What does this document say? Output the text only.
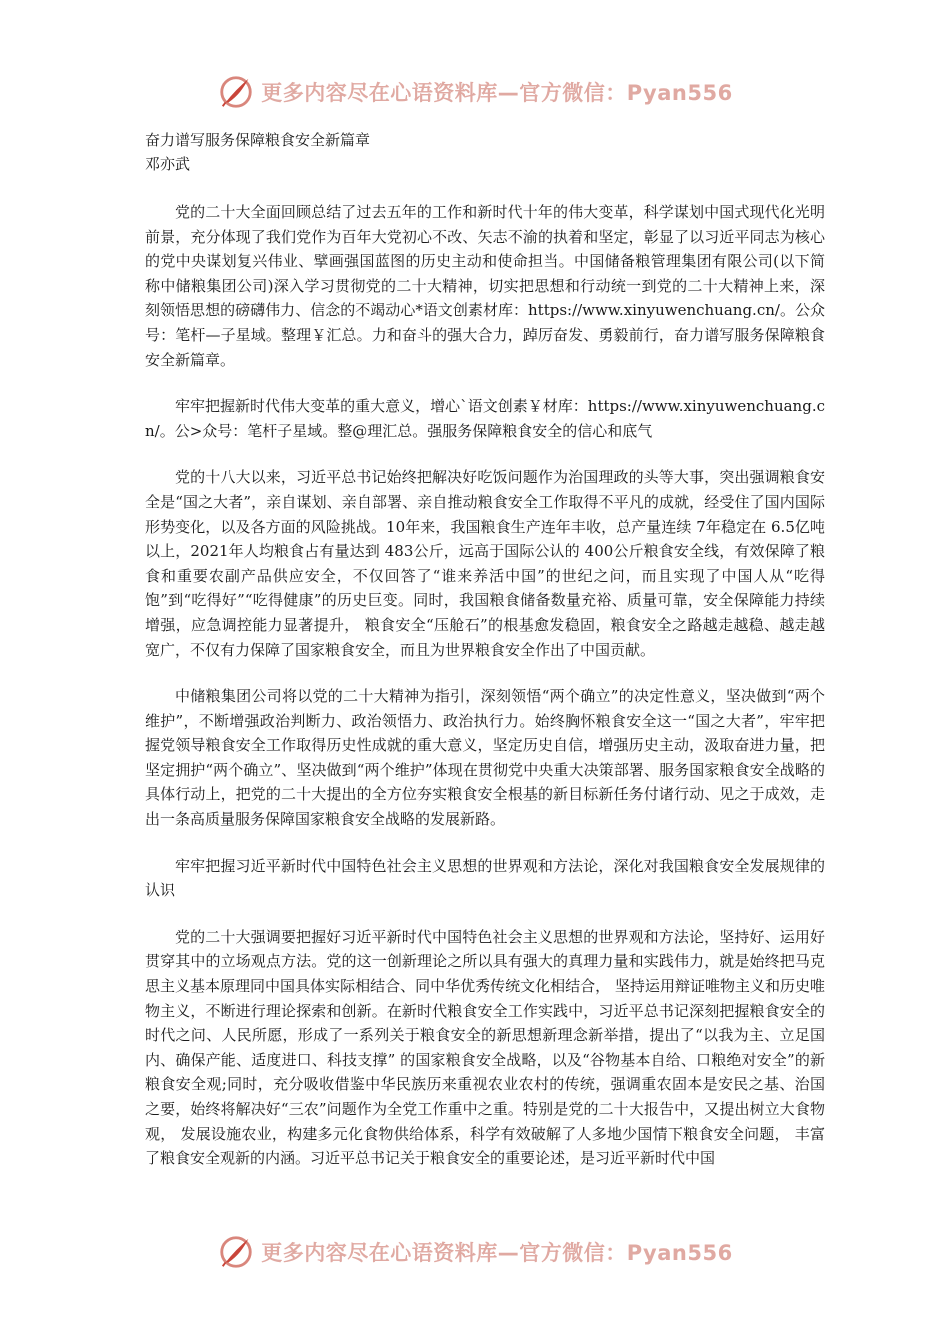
更多内容尽在心语资料库—官方微信：Pyan556

奋力谱写服务保障粮食安全新篇章

邓亦武

党的二十大全面回顾总结了过去五年的工作和新时代十年的伟大变革，科学谋划中国式现代化光明前景，充分体现了我们党作为百年大党初心不改、矢志不渝的执着和坚定，彰显了以习近平同志为核心的党中央谋划复兴伟业、擘画强国蓝图的历史主动和使命担当。中国储备粮管理集团有限公司(以下简称中储粮集团公司)深入学习贯彻党的二十大精神，切实把思想和行动统一到党的二十大精神上来，深刻领悟思想的磅礴伟力、信念的不竭动心*语文创素材库：https://www.xinyuwenchuang.cn/。公众号：笔杆—子星域。整理￥汇总。力和奋斗的强大合力，踔厉奋发、勇毅前行，奋力谱写服务保障粮食安全新篇章。

牢牢把握新时代伟大变革的重大意义，增心`语文创素￥材库：https://www.xinyuwenchuang.cn/。公>众号：笔杆子星域。整@理汇总。强服务保障粮食安全的信心和底气

党的十八大以来，习近平总书记始终把解决好吃饭问题作为治国理政的头等大事，突出强调粮食安全是“国之大者”，亲自谋划、亲自部署、亲自推动粮食安全工作取得不平凡的成就，经受住了国内国际形势变化，以及各方面的风险挑战。10年来，我国粮食生产连年丰收，总产量连续 7年稳定在 6.5亿吨以上，2021年人均粮食占有量达到 483公斤，远高于国际公认的 400公斤粮食安全线，有效保障了粮食和重要农副产品供应安全，不仅回答了“谁来养活中国”的世纪之问，而且实现了中国人从“吃得饱”到“吃得好”“吃得健康”的历史巨变。同时，我国粮食储备数量充裕、质量可靠，安全保障能力持续增强，应急调控能力显著提升， 粮食安全“压舱石”的根基愈发稳固，粮食安全之路越走越稳、越走越宽广，不仅有力保障了国家粮食安全，而且为世界粮食安全作出了中国贡献。

中储粮集团公司将以党的二十大精神为指引，深刻领悟“两个确立”的决定性意义，坚决做到“两个维护”，不断增强政治判断力、政治领悟力、政治执行力。始终胸怀粮食安全这一“国之大者”，牢牢把握党领导粮食安全工作取得历史性成就的重大意义，坚定历史自信，增强历史主动，汲取奋进力量，把坚定拥护“两个确立”、坚决做到“两个维护”体现在贯彻党中央重大决策部署、服务国家粮食安全战略的具体行动上，把党的二十大提出的全方位夯实粮食安全根基的新目标新任务付诸行动、见之于成效，走出一条高质量服务保障国家粮食安全战略的发展新路。

牢牢把握习近平新时代中国特色社会主义思想的世界观和方法论，深化对我国粮食安全发展规律的认识

党的二十大强调要把握好习近平新时代中国特色社会主义思想的世界观和方法论，坚持好、运用好贯穿其中的立场观点方法。党的这一创新理论之所以具有强大的真理力量和实践伟力，就是始终把马克思主义基本原理同中国具体实际相结合、同中华优秀传统文化相结合， 坚持运用辩证唯物主义和历史唯物主义，不断进行理论探索和创新。在新时代粮食安全工作实践中，习近平总书记深刻把握粮食安全的时代之问、人民所愿，形成了一系列关于粮食安全的新思想新理念新举措，提出了“以我为主、立足国内、确保产能、适度进口、科技支撑” 的国家粮食安全战略，以及“谷物基本自给、口粮绝对安全”的新粮食安全观;同时，充分吸收借鉴中华民族历来重视农业农村的传统，强调重农固本是安民之基、治国之要，始终将解决好“三农”问题作为全党工作重中之重。特别是党的二十大报告中，又提出树立大食物观， 发展设施农业，构建多元化食物供给体系，科学有效破解了人多地少国情下粮食安全问题， 丰富了粮食安全观新的内涵。习近平总书记关于粮食安全的重要论述，是习近平新时代中国

更多内容尽在心语资料库—官方微信：Pyan556
